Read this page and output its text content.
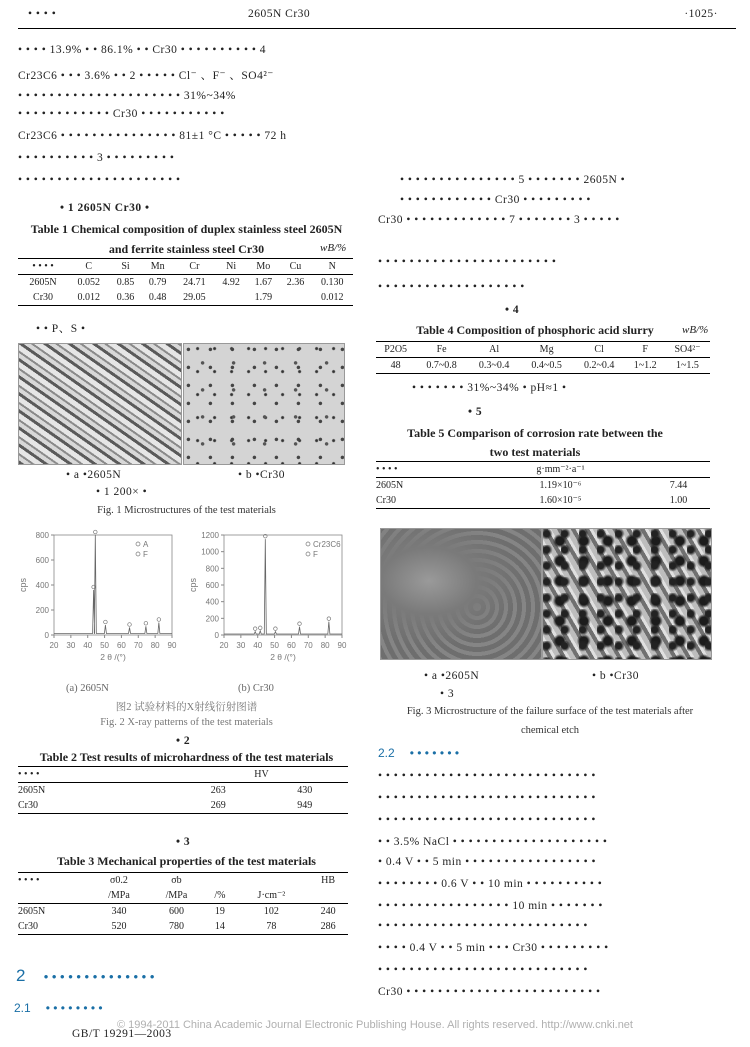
• • • •	2605N Cr30	·1025·
• • • • 13.9% • • 86.1% • • Cr30 • • • • • • • • • • 4
Cr23C6 • • • 3.6% • • 2 • • • • • Cl⁻ 、F⁻ 、SO4²⁻
• • • • • • • • • • • • • • • • • • • • • 31%~34%
• • • • • • • • • • • • Cr30 • • • • • • • • • • •
Cr23C6 • • • • • • • • • • • • • • • 81±1 °C • • • • • 72 h
• • • • • • • • • • 3 • • • • • • • • •
• • • • • • • • • • • • • • • • • • • • •
• 1 2605N Cr30 •
Table 1 Chemical composition of duplex stainless steel 2605N
and ferrite stainless steel Cr30	wB/%
• • • •	C	Si	Mn	Cr	Ni	Mo	Cu	N
2605N	0.052	0.85	0.79	24.71	4.92	1.67	2.36	0.130
Cr30	0.012	0.36	0.48	29.05		1.79		0.012
• • P、S •
• a •2605N	• b •Cr30
• 1 200× •
Fig. 1 Microstructures of the test materials
20 30 40 50 60 70 80 90
0
200
400
600
800
cps
2 θ /(°)
A
F
20 30 40 50 60 70 80 90
0
200
400
600
800
1000
1200
cps
2 θ /(°)
Cr23C6
F
(a) 2605N	(b) Cr30
图2 试验材料的X射线衍射图谱
Fig. 2 X-ray patterns of the test materials
• 2
Table 2 Test results of microhardness of the test materials
• • • •	HV	
2605N	263	430
Cr30	269	949
• 3
Table 3 Mechanical properties of the test materials
• • • •	σ0.2	σb			HB
	/MPa	/MPa	/%	J·cm⁻²	
2605N	340	600	19	102	240
Cr30	520	780	14	78	286
2 • • • • • • • • • • • • • •
2.1 • • • • • • • •
GB/T 19291—2003
© 1994-2011 China Academic Journal Electronic Publishing House. All rights reserved. http://www.cnki.net
• • • • • • • • • • • • • • • 5 • • • • • • • 2605N •
• • • • • • • • • • • • Cr30 • • • • • • • • •
Cr30 • • • • • • • • • • • • • 7 • • • • • • • 3 • • • • •
• • • • • • • • • • • • • • • • • • • • • • •
• • • • • • • • • • • • • • • • • • •
• 4
Table 4 Composition of phosphoric acid slurry	wB/%
P2O5	Fe	Al	Mg	Cl	F	SO4²⁻
48	0.7~0.8	0.3~0.4	0.4~0.5	0.2~0.4	1~1.2	1~1.5
• • • • • • • 31%~34% • pH≈1 •
• 5
Table 5 Comparison of corrosion rate between the
two test materials
• • • •	g·mm⁻²·a⁻¹	
2605N	1.19×10⁻⁶	7.44
Cr30	1.60×10⁻⁵	1.00
• a •2605N	• b •Cr30
• 3
Fig. 3 Microstructure of the failure surface of the test materials after
chemical etch
2.2 • • • • • • •
• • • • • • • • • • • • • • • • • • • • • • • • • • • •
• • • • • • • • • • • • • • • • • • • • • • • • • • • •
• • • • • • • • • • • • • • • • • • • • • • • • • • • •
• • 3.5% NaCl • • • • • • • • • • • • • • • • • • • •
• 0.4 V • • 5 min • • • • • • • • • • • • • • • • •
• • • • • • • • 0.6 V • • 10 min • • • • • • • • • •
• • • • • • • • • • • • • • • • • 10 min • • • • • • •
• • • • • • • • • • • • • • • • • • • • • • • • • • •
• • • • 0.4 V • • 5 min • • • Cr30 • • • • • • • • •
• • • • • • • • • • • • • • • • • • • • • • • • • • •
Cr30 • • • • • • • • • • • • • • • • • • • • • • • • •
